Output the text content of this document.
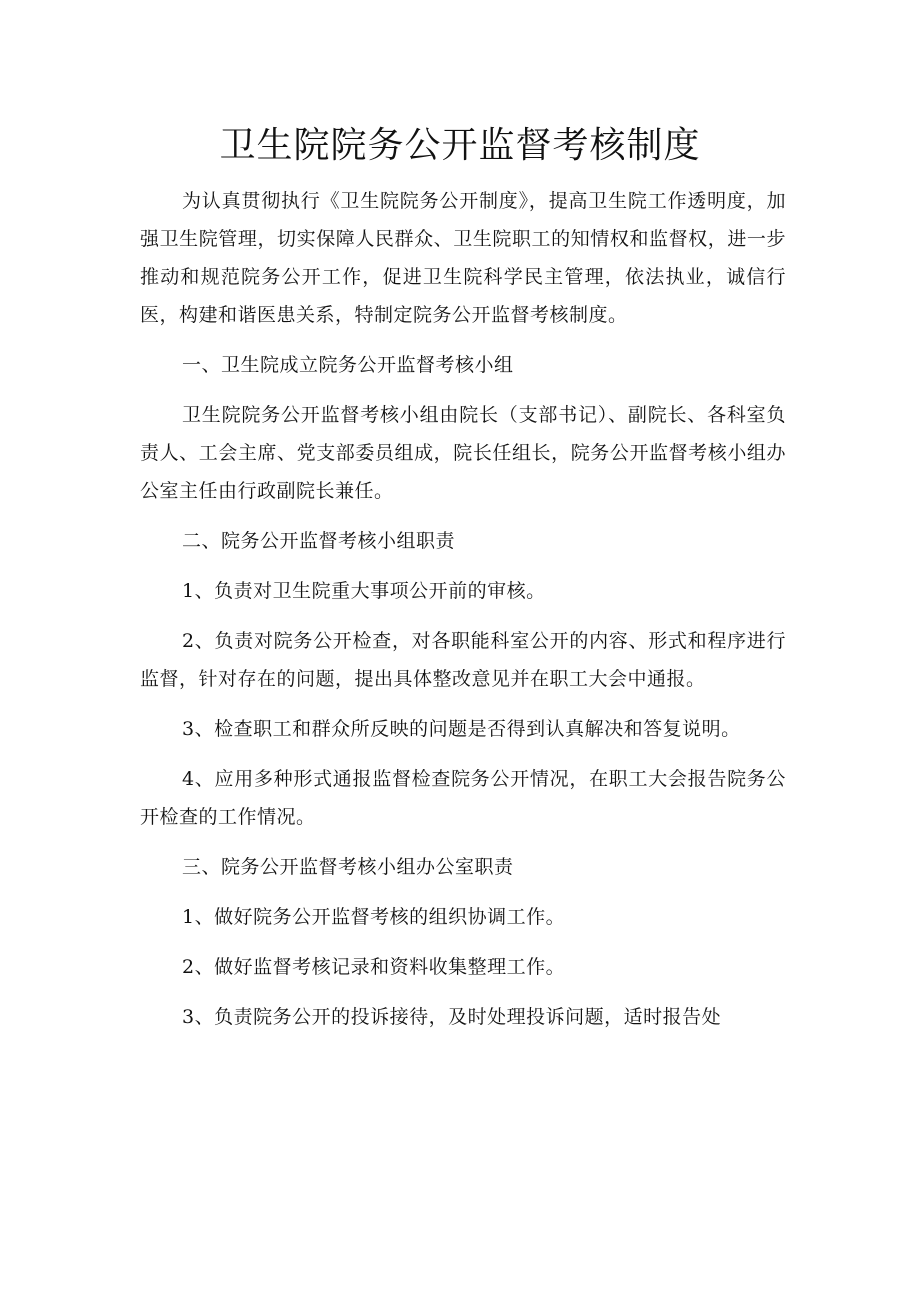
卫生院院务公开监督考核制度

为认真贯彻执行《卫生院院务公开制度》，提高卫生院工作透明度，加强卫生院管理，切实保障人民群众、卫生院职工的知情权和监督权，进一步推动和规范院务公开工作，促进卫生院科学民主管理，依法执业，诚信行医，构建和谐医患关系，特制定院务公开监督考核制度。

一、卫生院成立院务公开监督考核小组

卫生院院务公开监督考核小组由院长（支部书记）、副院长、各科室负责人、工会主席、党支部委员组成，院长任组长，院务公开监督考核小组办公室主任由行政副院长兼任。

二、院务公开监督考核小组职责

1、负责对卫生院重大事项公开前的审核。

2、负责对院务公开检查，对各职能科室公开的内容、形式和程序进行监督，针对存在的问题，提出具体整改意见并在职工大会中通报。

3、检查职工和群众所反映的问题是否得到认真解决和答复说明。

4、应用多种形式通报监督检查院务公开情况，在职工大会报告院务公开检查的工作情况。

三、院务公开监督考核小组办公室职责

1、做好院务公开监督考核的组织协调工作。

2、做好监督考核记录和资料收集整理工作。

3、负责院务公开的投诉接待，及时处理投诉问题，适时报告处
